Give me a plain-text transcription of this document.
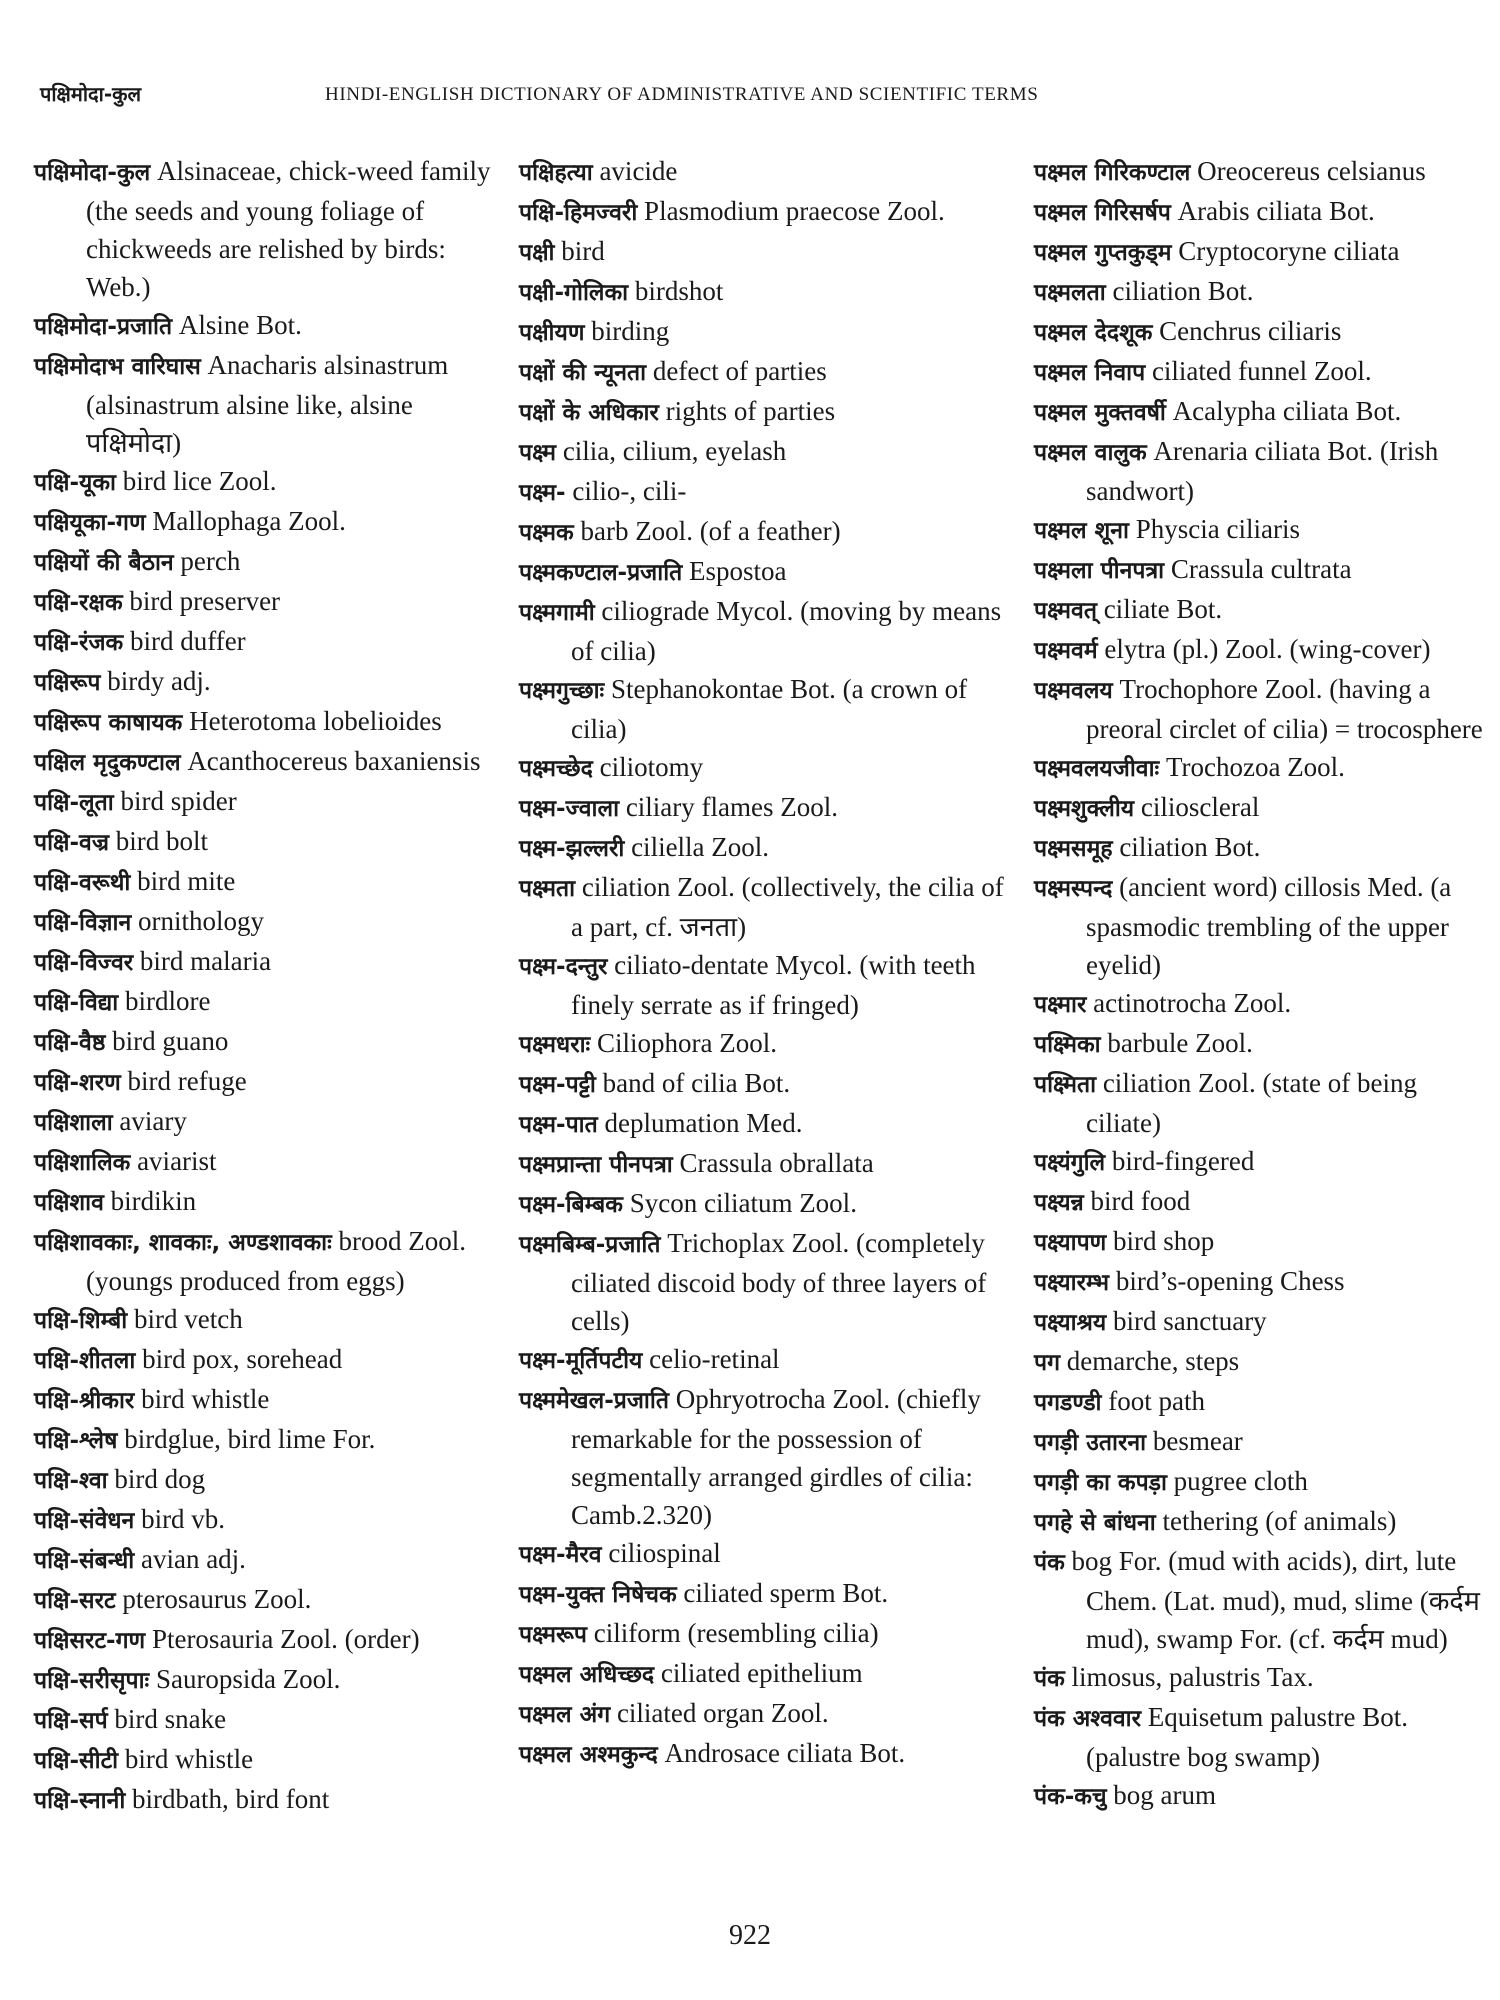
पक्षिमोदा-कुल	HINDI-ENGLISH DICTIONARY OF ADMINISTRATIVE AND SCIENTIFIC TERMS

पक्षिमोदा-कुल Alsinaceae, chick-weed family (the seeds and young foliage of chickweeds are relished by birds: Web.)

पक्षिमोदा-प्रजाति Alsine Bot.

पक्षिमोदाभ वारिघास Anacharis alsinastrum (alsinastrum alsine like, alsine पक्षिमोदा)

पक्षि-यूका bird lice Zool.

पक्षियूका-गण Mallophaga Zool.

पक्षियों की बैठान perch

पक्षि-रक्षक bird preserver

पक्षि-रंजक bird duffer

पक्षिरूप birdy adj.

पक्षिरूप काषायक Heterotoma lobelioides

पक्षिल मृदुकण्टाल Acanthocereus baxaniensis

पक्षि-लूता bird spider

पक्षि-वज्र bird bolt

पक्षि-वरूथी bird mite

पक्षि-विज्ञान ornithology

पक्षि-विज्वर bird malaria

पक्षि-विद्या birdlore

पक्षि-वैष्ठ bird guano

पक्षि-शरण bird refuge

पक्षिशाला aviary

पक्षिशालिक aviarist

पक्षिशाव birdikin

पक्षिशावकाः, शावकाः, अण्डशावकाः brood Zool. (youngs produced from eggs)

पक्षि-शिम्बी bird vetch

पक्षि-शीतला bird pox, sorehead

पक्षि-श्रीकार bird whistle

पक्षि-श्लेष birdglue, bird lime For.

पक्षि-श्वा bird dog

पक्षि-संवेधन bird vb.

पक्षि-संबन्धी avian adj.

पक्षि-सरट pterosaurus Zool.

पक्षिसरट-गण Pterosauria Zool. (order)

पक्षि-सरीसृपाः Sauropsida Zool.

पक्षि-सर्प bird snake

पक्षि-सीटी bird whistle

पक्षि-स्नानी birdbath, bird font

पक्षिहत्या avicide

पक्षि-हिमज्वरी Plasmodium praecose Zool.

पक्षी bird

पक्षी-गोलिका birdshot

पक्षीयण birding

पक्षों की न्यूनता defect of parties

पक्षों के अधिकार rights of parties

पक्ष्म cilia, cilium, eyelash

पक्ष्म- cilio-, cili-

पक्ष्मक barb Zool. (of a feather)

पक्ष्मकण्टाल-प्रजाति Espostoa

पक्ष्मगामी ciliograde Mycol. (moving by means of cilia)

पक्ष्मगुच्छाः Stephanokontae Bot. (a crown of cilia)

पक्ष्मच्छेद ciliotomy

पक्ष्म-ज्वाला ciliary flames Zool.

पक्ष्म-झल्लरी ciliella Zool.

पक्ष्मता ciliation Zool. (collectively, the cilia of a part, cf. जनता)

पक्ष्म-दन्तुर ciliato-dentate Mycol. (with teeth finely serrate as if fringed)

पक्ष्मधराः Ciliophora Zool.

पक्ष्म-पट्टी band of cilia Bot.

पक्ष्म-पात deplumation Med.

पक्ष्मप्रान्ता पीनपत्रा Crassula obrallata

पक्ष्म-बिम्बक Sycon ciliatum Zool.

पक्ष्मबिम्ब-प्रजाति Trichoplax Zool. (completely ciliated discoid body of three layers of cells)

पक्ष्म-मूर्तिपटीय celio-retinal

पक्ष्ममेखल-प्रजाति Ophryotrocha Zool. (chiefly remarkable for the possession of segmentally arranged girdles of cilia: Camb.2.320)

पक्ष्म-मैरव ciliospinal

पक्ष्म-युक्त निषेचक ciliated sperm Bot.

पक्ष्मरूप ciliform (resembling cilia)

पक्ष्मल अधिच्छद ciliated epithelium

पक्ष्मल अंग ciliated organ Zool.

पक्ष्मल अश्मकुन्द Androsace ciliata Bot.

पक्ष्मल गिरिकण्टाल Oreocereus celsianus

पक्ष्मल गिरिसर्षप Arabis ciliata Bot.

पक्ष्मल गुप्तकुड्म Cryptocoryne ciliata

पक्ष्मलता ciliation Bot.

पक्ष्मल देदशूक Cenchrus ciliaris

पक्ष्मल निवाप ciliated funnel Zool.

पक्ष्मल मुक्तवर्षी Acalypha ciliata Bot.

पक्ष्मल वालुक Arenaria ciliata Bot. (Irish sandwort)

पक्ष्मल शूना Physcia ciliaris

पक्ष्मला पीनपत्रा Crassula cultrata

पक्ष्मवत् ciliate Bot.

पक्ष्मवर्म elytra (pl.) Zool. (wing-cover)

पक्ष्मवलय Trochophore Zool. (having a preoral circlet of cilia) = trocosphere

पक्ष्मवलयजीवाः Trochozoa Zool.

पक्ष्मशुक्लीय cilioscleral

पक्ष्मसमूह ciliation Bot.

पक्ष्मस्पन्द (ancient word) cillosis Med. (a spasmodic trembling of the upper eyelid)

पक्ष्मार actinotrocha Zool.

पक्ष्मिका barbule Zool.

पक्ष्मिता ciliation Zool. (state of being ciliate)

पक्ष्यंगुलि bird-fingered

पक्ष्यन्न bird food

पक्ष्यापण bird shop

पक्ष्यारम्भ bird’s-opening Chess

पक्ष्याश्रय bird sanctuary

पग demarche, steps

पगडण्डी foot path

पगड़ी उतारना besmear

पगड़ी का कपड़ा pugree cloth

पगहे से बांधना tethering (of animals)

पंक bog For. (mud with acids), dirt, lute Chem. (Lat. mud), mud, slime (कर्दम mud), swamp For. (cf. कर्दम mud)

पंक limosus, palustris Tax.

पंक अश्ववार Equisetum palustre Bot. (palustre bog swamp)

पंक-कचु bog arum

922
